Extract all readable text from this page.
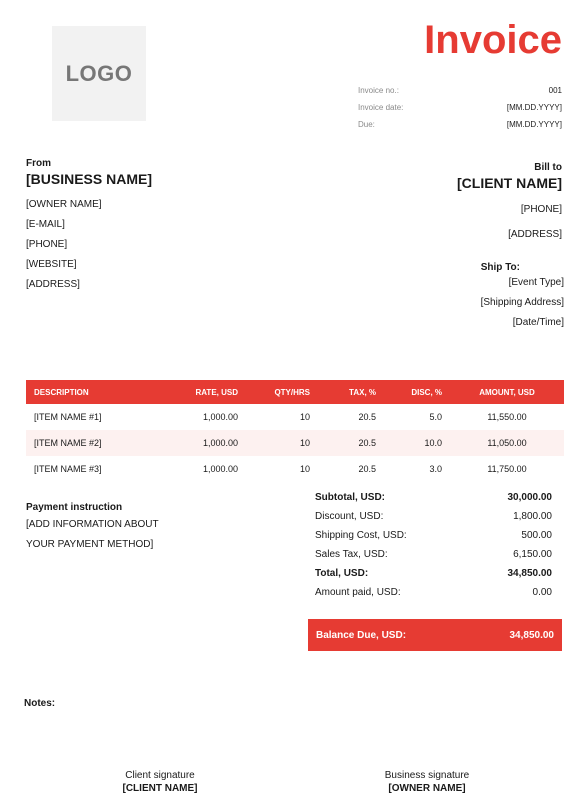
LOGO
Invoice
Invoice no.:	001
Invoice date:	[MM.DD.YYYY]
Due:	[MM.DD.YYYY]
From
[BUSINESS NAME]
[OWNER NAME]
[E-MAIL]
[PHONE]
[WEBSITE]
[ADDRESS]
Bill to
[CLIENT NAME]
[PHONE]
[ADDRESS]
Ship To:
[Event Type]
[Shipping Address]
[Date/Time]
DESCRIPTION	RATE, USD	QTY/HRS	TAX, %	DISC, %	AMOUNT, USD
[ITEM NAME #1]	1,000.00	10	20.5	5.0	11,550.00
[ITEM NAME #2]	1,000.00	10	20.5	10.0	11,050.00
[ITEM NAME #3]	1,000.00	10	20.5	3.0	11,750.00
Payment instruction
[ADD INFORMATION ABOUT YOUR PAYMENT METHOD]
Subtotal, USD:	30,000.00
Discount, USD:	1,800.00
Shipping Cost, USD:	500.00
Sales Tax, USD:	6,150.00
Total, USD:	34,850.00
Amount paid, USD:	0.00
Balance Due, USD:	34,850.00
Notes:
Client signature
[CLIENT NAME]
Business signature
[OWNER NAME]
